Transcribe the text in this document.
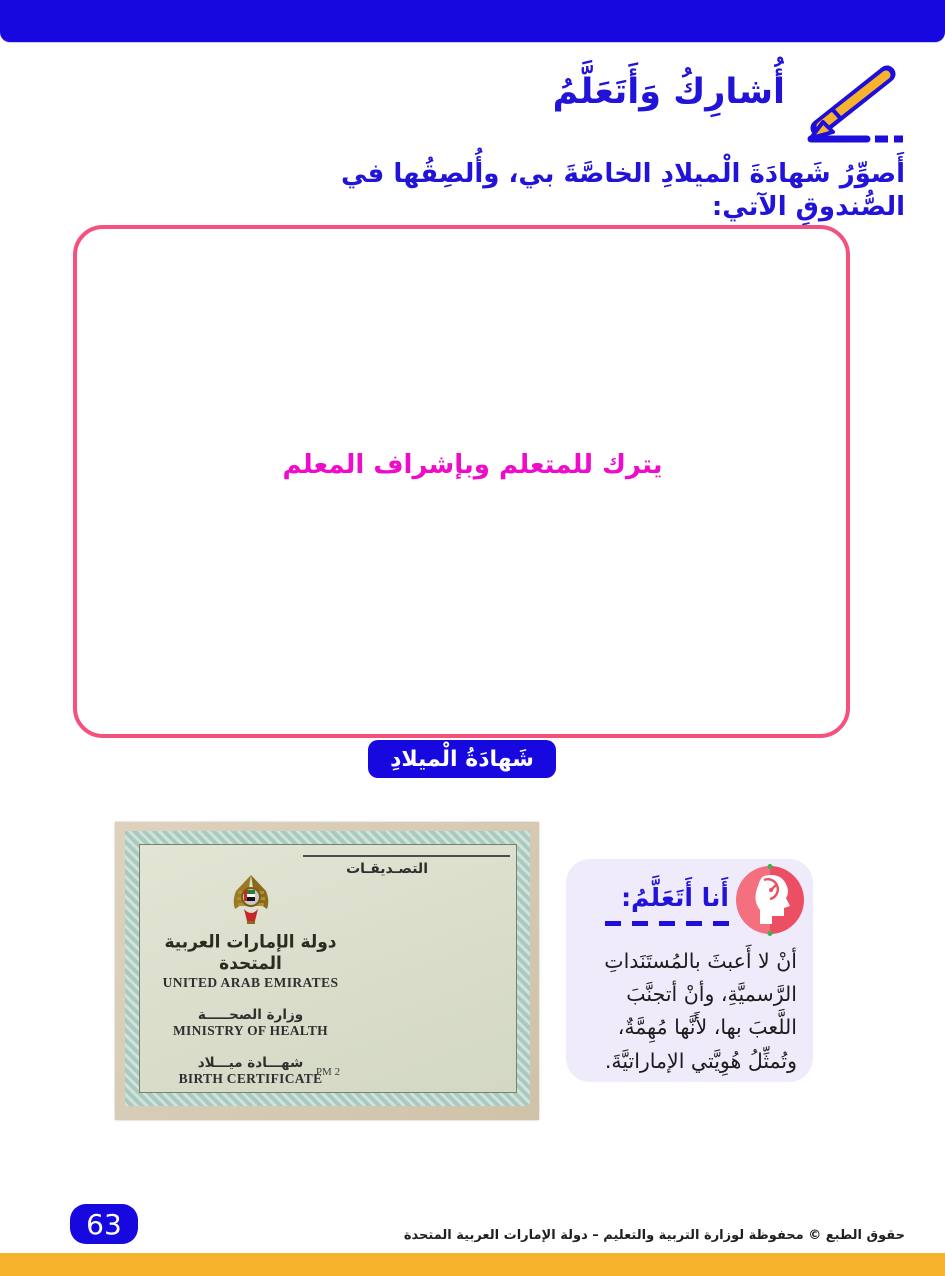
أُشارِكُ وَأَتَعَلَّمُ
أَصوِّرُ شَهادَةَ الْميلادِ الخاصَّةَ بي، وأُلصِقُها في الصُّندوقِ الآتي:
يترك للمتعلم وبإشراف المعلم
شَهادَةُ الْميلادِ
التصـديقـات
دولة الإمارات العربية المتحدة
UNITED ARAB EMIRATES
وزارة الصحـــــة
MINISTRY OF HEALTH
شهـــادة ميـــلاد
BIRTH CERTIFICATE
PM 2
أَنا أَتَعَلَّمُ:
أنْ لا أَعبثَ بالمُستَنَداتِ الرَّسميَّةِ، وأنْ أتجنَّبَ اللَّعبَ بها، لأَنَّها مُهِمَّةٌ، وتُمثِّلُ هُوِيَّتي الإماراتيَّةَ.
63	حقوق الطبع © محفوظة لوزارة التربية والتعليم – دولة الإمارات العربية المتحدة
